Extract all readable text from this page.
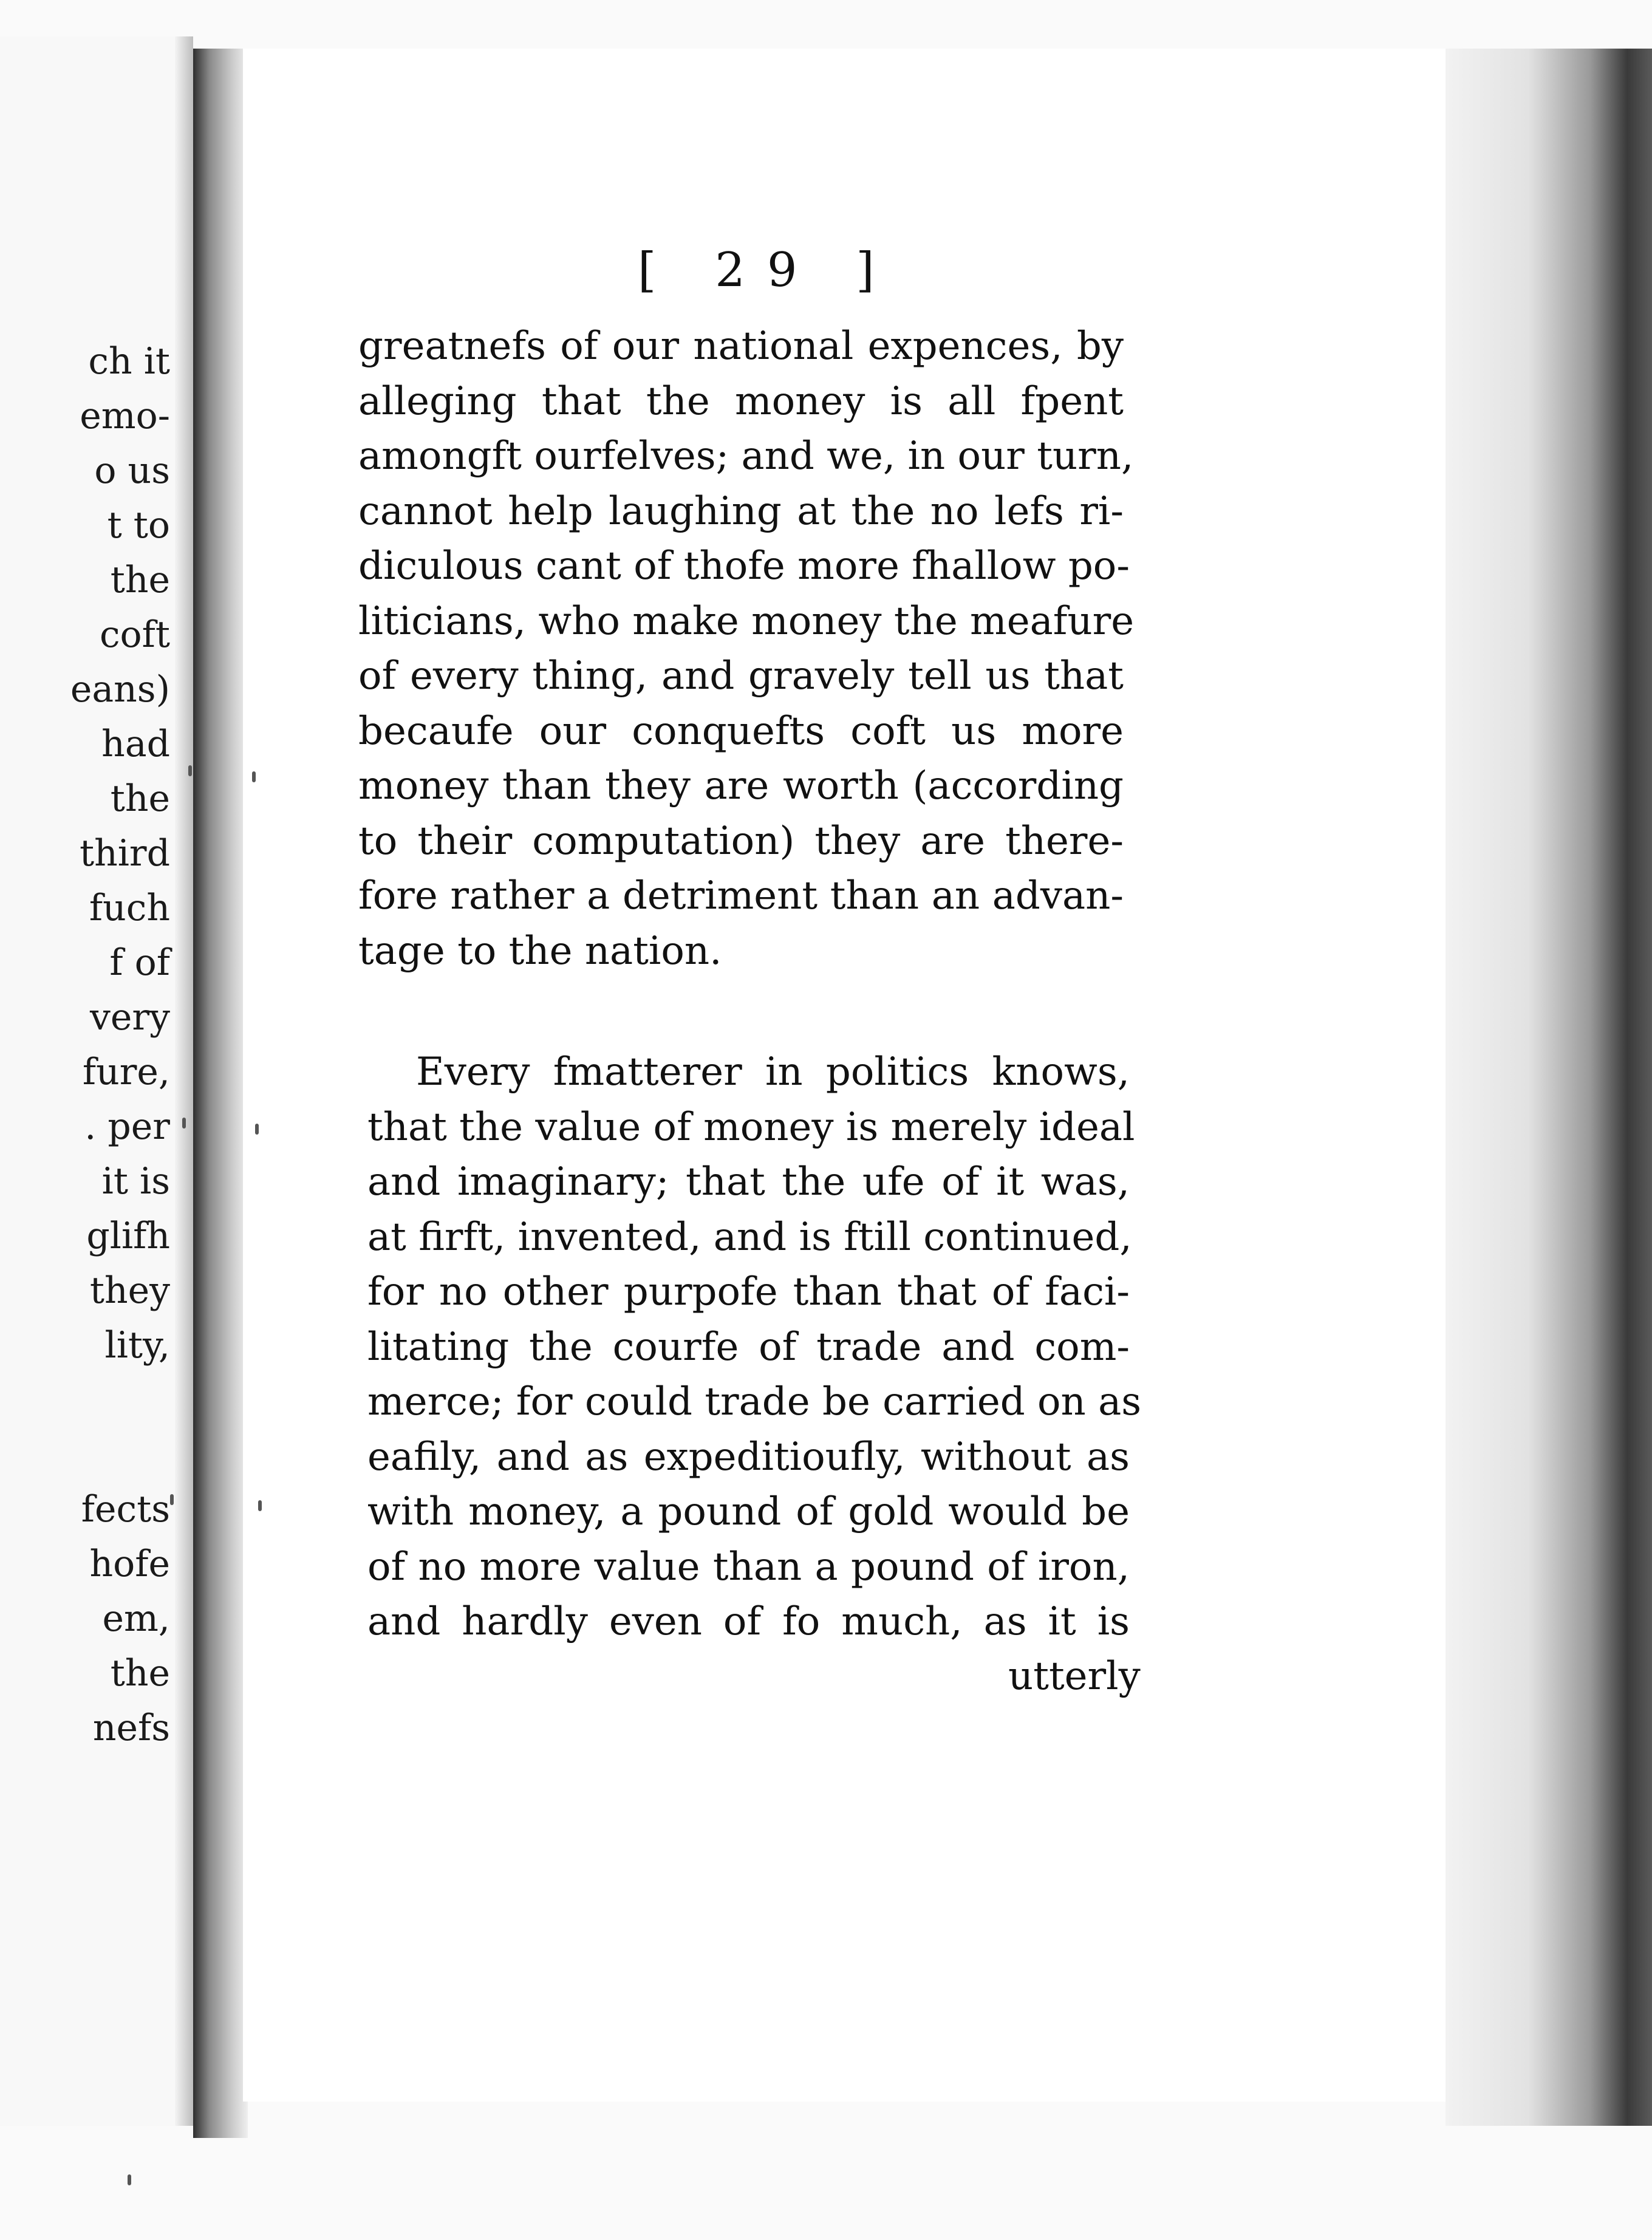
ch it
emo-
o us
t to
the
coft
eans)
had
the
third
fuch
f of
very
fure,
. per
it is
glifh
they
lity,
fects
hofe
em,
the
nefs
[ 29 ]
greatnefs of our national expences, by
alleging that the money is all fpent
amongft ourfelves; and we, in our turn,
cannot help laughing at the no lefs ri-
diculous cant of thofe more fhallow po-
liticians, who make money the meafure
of every thing, and gravely tell us that
becaufe our conquefts coft us more
money than they are worth (according
to their computation) they are there-
fore rather a detriment than an advan-
tage to the nation.
Every fmatterer in politics knows,
that the value of money is merely ideal
and imaginary; that the ufe of it was,
at firft, invented, and is ftill continued,
for no other purpofe than that of faci-
litating the courfe of trade and com-
merce; for could trade be carried on as
eafily, and as expeditioufly, without as
with money, a pound of gold would be
of no more value than a pound of iron,
and hardly even of fo much, as it is
utterly
